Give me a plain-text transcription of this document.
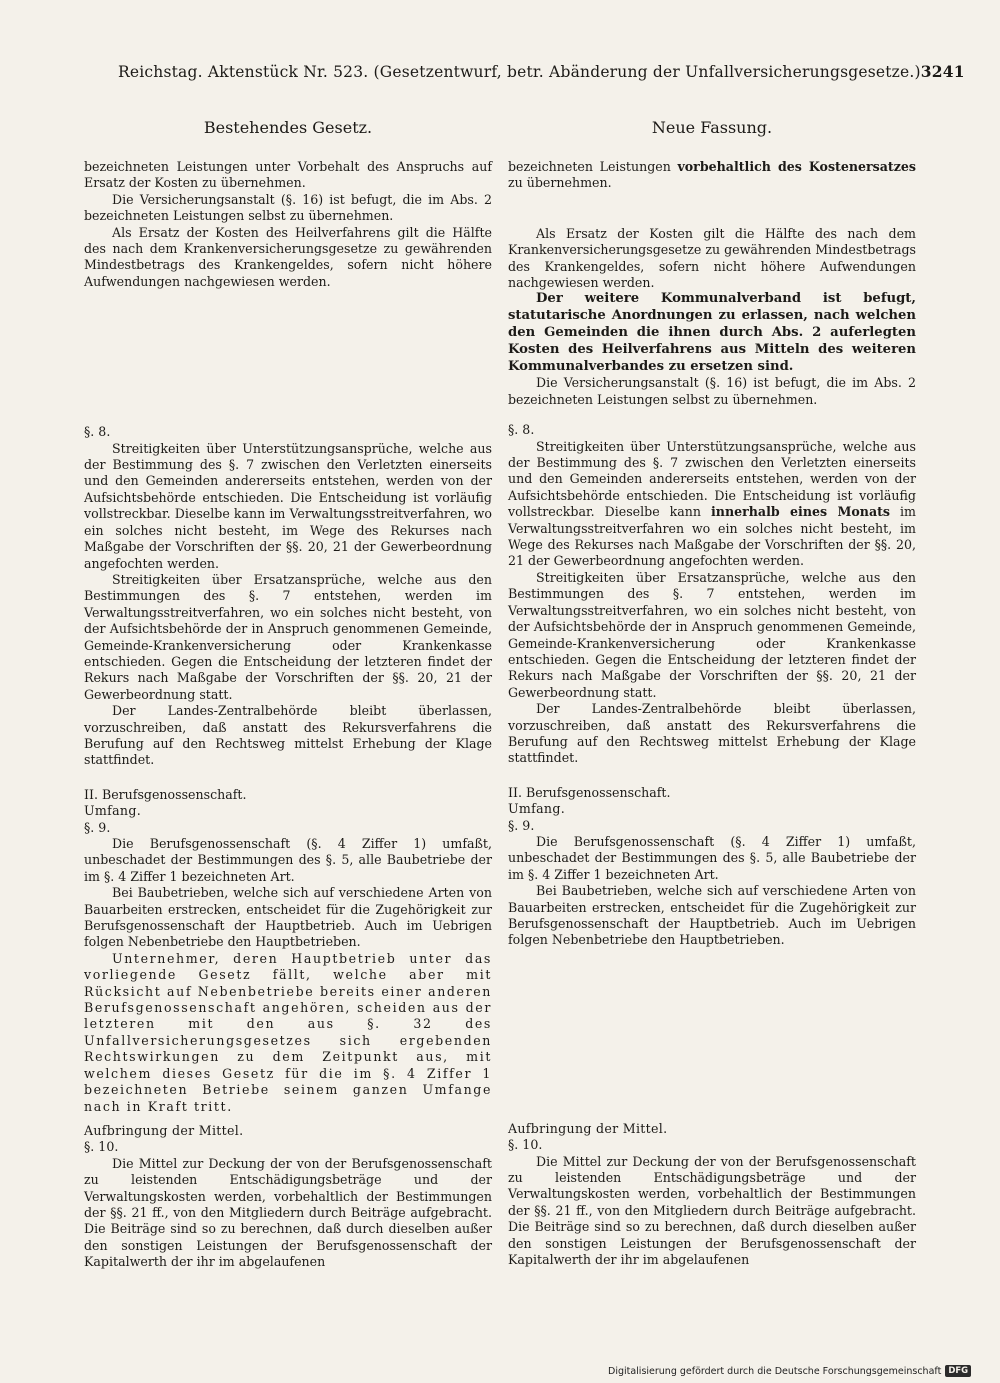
Reichstag. Aktenstück Nr. 523. (Gesetzentwurf, betr. Abänderung der Unfallversicherungsgesetze.) 3241
Bestehendes Gesetz.

bezeichneten Leistungen unter Vorbehalt des Anspruchs auf Ersatz der Kosten zu übernehmen.

Die Versicherungsanstalt (§. 16) ist befugt, die im Abs. 2 bezeichneten Leistungen selbst zu übernehmen.

Als Ersatz der Kosten des Heilverfahrens gilt die Hälfte des nach dem Krankenversicherungsgesetze zu gewährenden Mindestbetrags des Krankengeldes, sofern nicht höhere Aufwendungen nachgewiesen werden.

§. 8.

Streitigkeiten über Unterstützungsansprüche, welche aus der Bestimmung des §. 7 zwischen den Verletzten einerseits und den Gemeinden andererseits entstehen, werden von der Aufsichtsbehörde entschieden. Die Entscheidung ist vorläufig vollstreckbar. Dieselbe kann im Verwaltungsstreitverfahren, wo ein solches nicht besteht, im Wege des Rekurses nach Maßgabe der Vorschriften der §§. 20, 21 der Gewerbeordnung angefochten werden.

Streitigkeiten über Ersatzansprüche, welche aus den Bestimmungen des §. 7 entstehen, werden im Verwaltungsstreitverfahren, wo ein solches nicht besteht, von der Aufsichtsbehörde der in Anspruch genommenen Gemeinde, Gemeinde-Krankenversicherung oder Krankenkasse entschieden. Gegen die Entscheidung der letzteren findet der Rekurs nach Maßgabe der Vorschriften der §§. 20, 21 der Gewerbeordnung statt.

Der Landes-Zentralbehörde bleibt überlassen, vorzuschreiben, daß anstatt des Rekursverfahrens die Berufung auf den Rechtsweg mittelst Erhebung der Klage stattfindet.

II. Berufsgenossenschaft.

Umfang.

§. 9.

Die Berufsgenossenschaft (§. 4 Ziffer 1) umfaßt, unbeschadet der Bestimmungen des §. 5, alle Baubetriebe der im §. 4 Ziffer 1 bezeichneten Art.

Bei Baubetrieben, welche sich auf verschiedene Arten von Bauarbeiten erstrecken, entscheidet für die Zugehörigkeit zur Berufsgenossenschaft der Hauptbetrieb. Auch im Uebrigen folgen Nebenbetriebe den Hauptbetrieben.

Unternehmer, deren Hauptbetrieb unter das vorliegende Gesetz fällt, welche aber mit Rücksicht auf Nebenbetriebe bereits einer anderen Berufsgenossenschaft angehören, scheiden aus der letzteren mit den aus §. 32 des Unfallversicherungsgesetzes sich ergebenden Rechtswirkungen zu dem Zeitpunkt aus, mit welchem dieses Gesetz für die im §. 4 Ziffer 1 bezeichneten Betriebe seinem ganzen Umfange nach in Kraft tritt.

Aufbringung der Mittel.

§. 10.

Die Mittel zur Deckung der von der Berufsgenossenschaft zu leistenden Entschädigungsbeträge und der Verwaltungskosten werden, vorbehaltlich der Bestimmungen der §§. 21 ff., von den Mitgliedern durch Beiträge aufgebracht. Die Beiträge sind so zu berechnen, daß durch dieselben außer den sonstigen Leistungen der Berufsgenossenschaft der Kapitalwerth der ihr im abgelaufenen

Neue Fassung.

bezeichneten Leistungen vorbehaltlich des Kostenersatzes zu übernehmen.

Als Ersatz der Kosten gilt die Hälfte des nach dem Krankenversicherungsgesetze zu gewährenden Mindestbetrags des Krankengeldes, sofern nicht höhere Aufwendungen nachgewiesen werden.

Der weitere Kommunalverband ist befugt, statutarische Anordnungen zu erlassen, nach welchen den Gemeinden die ihnen durch Abs. 2 auferlegten Kosten des Heilverfahrens aus Mitteln des weiteren Kommunalverbandes zu ersetzen sind.

Die Versicherungsanstalt (§. 16) ist befugt, die im Abs. 2 bezeichneten Leistungen selbst zu übernehmen.

§. 8.

Streitigkeiten über Unterstützungsansprüche, welche aus der Bestimmung des §. 7 zwischen den Verletzten einerseits und den Gemeinden andererseits entstehen, werden von der Aufsichtsbehörde entschieden. Die Entscheidung ist vorläufig vollstreckbar. Dieselbe kann innerhalb eines Monats im Verwaltungsstreitverfahren wo ein solches nicht besteht, im Wege des Rekurses nach Maßgabe der Vorschriften der §§. 20, 21 der Gewerbeordnung angefochten werden.

Streitigkeiten über Ersatzansprüche, welche aus den Bestimmungen des §. 7 entstehen, werden im Verwaltungsstreitverfahren, wo ein solches nicht besteht, von der Aufsichtsbehörde der in Anspruch genommenen Gemeinde, Gemeinde-Krankenversicherung oder Krankenkasse entschieden. Gegen die Entscheidung der letzteren findet der Rekurs nach Maßgabe der Vorschriften der §§. 20, 21 der Gewerbeordnung statt.

Der Landes-Zentralbehörde bleibt überlassen, vorzuschreiben, daß anstatt des Rekursverfahrens die Berufung auf den Rechtsweg mittelst Erhebung der Klage stattfindet.

II. Berufsgenossenschaft.

Umfang.

§. 9.

Die Berufsgenossenschaft (§. 4 Ziffer 1) umfaßt, unbeschadet der Bestimmungen des §. 5, alle Baubetriebe der im §. 4 Ziffer 1 bezeichneten Art.

Bei Baubetrieben, welche sich auf verschiedene Arten von Bauarbeiten erstrecken, entscheidet für die Zugehörigkeit zur Berufsgenossenschaft der Hauptbetrieb. Auch im Uebrigen folgen Nebenbetriebe den Hauptbetrieben.

Aufbringung der Mittel.

§. 10.

Die Mittel zur Deckung der von der Berufsgenossenschaft zu leistenden Entschädigungsbeträge und der Verwaltungskosten werden, vorbehaltlich der Bestimmungen der §§. 21 ff., von den Mitgliedern durch Beiträge aufgebracht. Die Beiträge sind so zu berechnen, daß durch dieselben außer den sonstigen Leistungen der Berufsgenossenschaft der Kapitalwerth der ihr im abgelaufenen

Digitalisierung gefördert durch die Deutsche Forschungsgemeinschaft DFG
